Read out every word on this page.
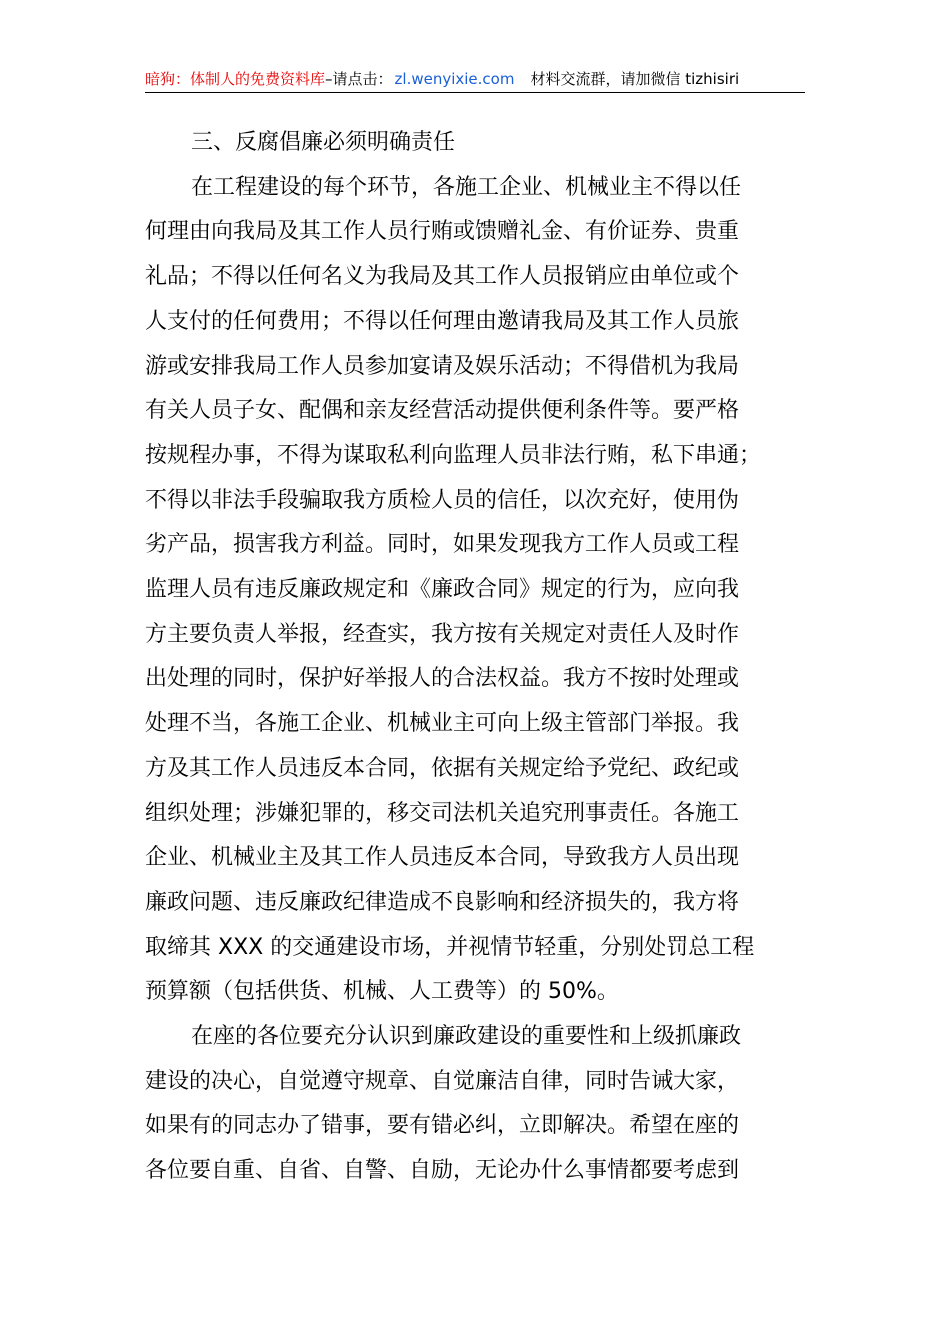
暗狗：体制人的免费资料库–请点击： zl.wenyixie.com 材料交流群，请加微信 tizhisiri

三、反腐倡廉必须明确责任

在工程建设的每个环节，各施工企业、机械业主不得以任
何理由向我局及其工作人员行贿或馈赠礼金、有价证券、贵重
礼品；不得以任何名义为我局及其工作人员报销应由单位或个
人支付的任何费用；不得以任何理由邀请我局及其工作人员旅
游或安排我局工作人员参加宴请及娱乐活动；不得借机为我局
有关人员子女、配偶和亲友经营活动提供便利条件等。要严格
按规程办事，不得为谋取私利向监理人员非法行贿，私下串通；
不得以非法手段骗取我方质检人员的信任，以次充好，使用伪
劣产品，损害我方利益。同时，如果发现我方工作人员或工程
监理人员有违反廉政规定和《廉政合同》规定的行为，应向我
方主要负责人举报，经查实，我方按有关规定对责任人及时作
出处理的同时，保护好举报人的合法权益。我方不按时处理或
处理不当，各施工企业、机械业主可向上级主管部门举报。我
方及其工作人员违反本合同，依据有关规定给予党纪、政纪或
组织处理；涉嫌犯罪的，移交司法机关追究刑事责任。各施工
企业、机械业主及其工作人员违反本合同，导致我方人员出现
廉政问题、违反廉政纪律造成不良影响和经济损失的，我方将
取缔其 XXX 的交通建设市场，并视情节轻重，分别处罚总工程
预算额（包括供货、机械、人工费等）的 50%。

在座的各位要充分认识到廉政建设的重要性和上级抓廉政
建设的决心，自觉遵守规章、自觉廉洁自律，同时告诫大家，
如果有的同志办了错事，要有错必纠，立即解决。希望在座的
各位要自重、自省、自警、自励，无论办什么事情都要考虑到
